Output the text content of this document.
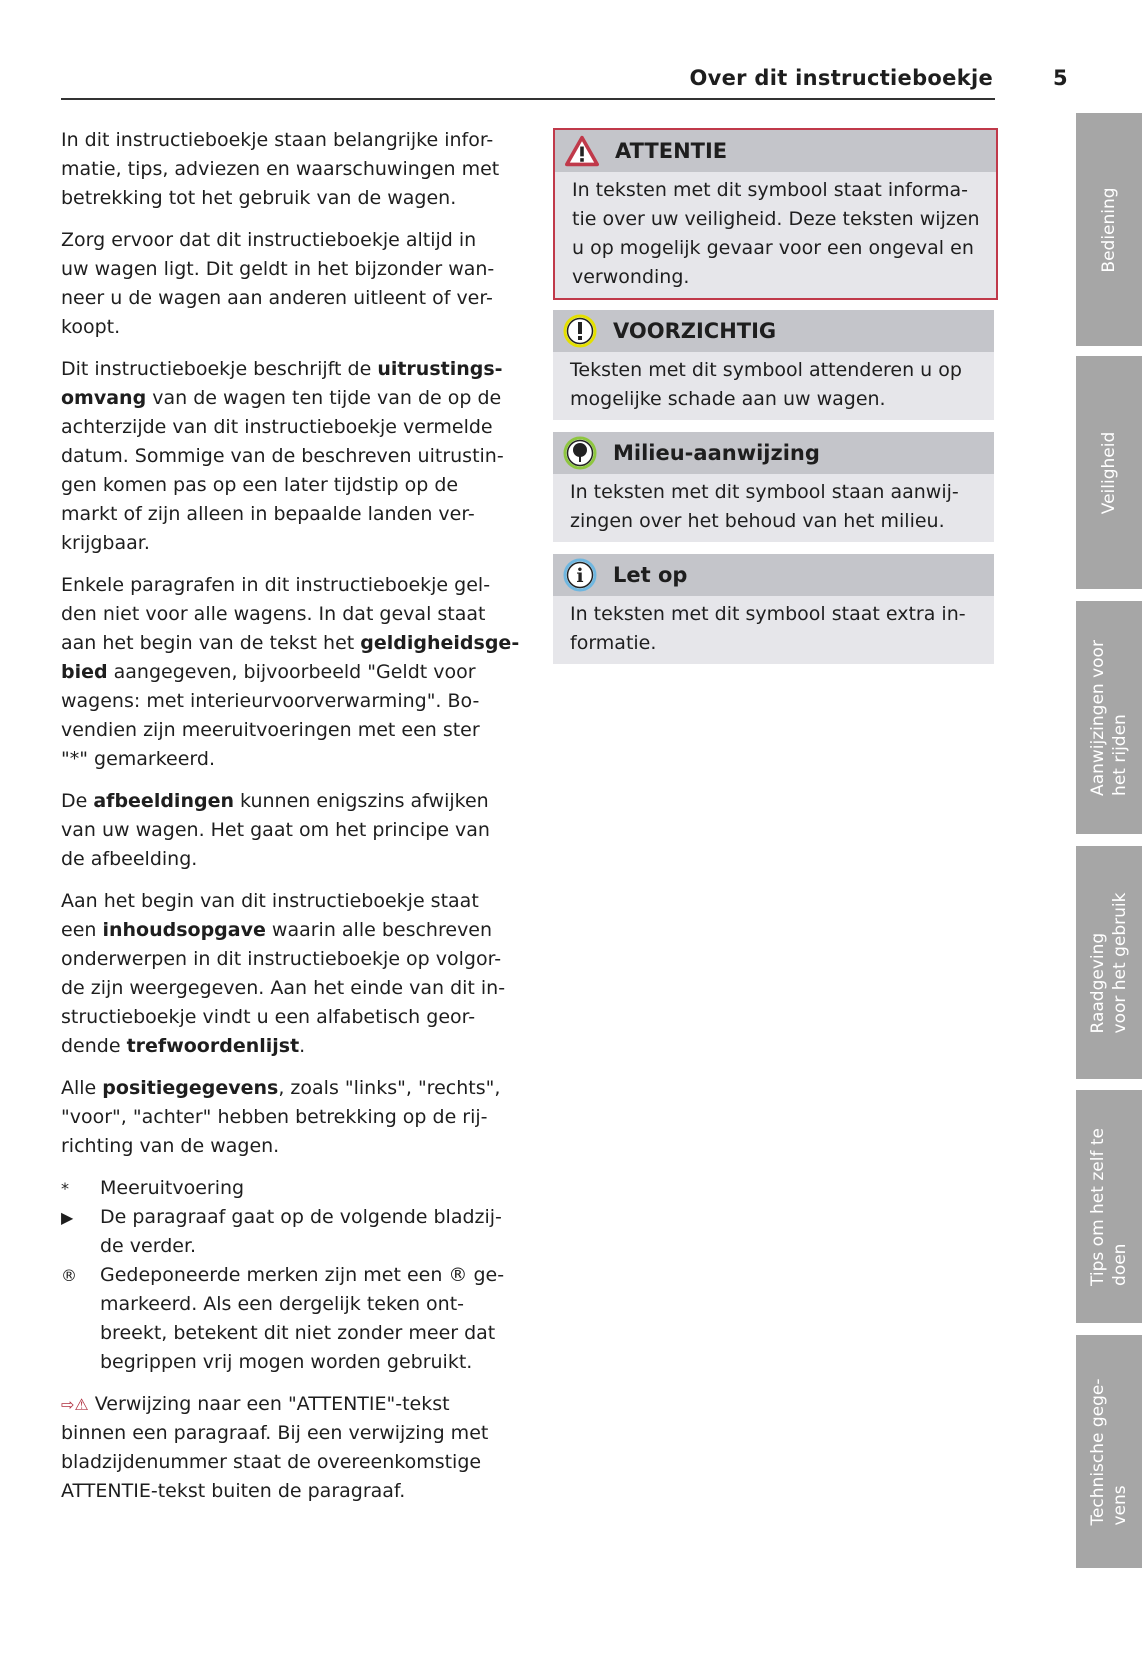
Over dit instructieboekje	5
In dit instructieboekje staan belangrijke infor-
matie, tips, adviezen en waarschuwingen met
betrekking tot het gebruik van de wagen.
Zorg ervoor dat dit instructieboekje altijd in
uw wagen ligt. Dit geldt in het bijzonder wan-
neer u de wagen aan anderen uitleent of ver-
koopt.
Dit instructieboekje beschrijft de uitrustings-
omvang van de wagen ten tijde van de op de
achterzijde van dit instructieboekje vermelde
datum. Sommige van de beschreven uitrustin-
gen komen pas op een later tijdstip op de
markt of zijn alleen in bepaalde landen ver-
krijgbaar.
Enkele paragrafen in dit instructieboekje gel-
den niet voor alle wagens. In dat geval staat
aan het begin van de tekst het geldigheidsge-
bied aangegeven, bijvoorbeeld "Geldt voor
wagens: met interieurvoorverwarming". Bo-
vendien zijn meeruitvoeringen met een ster
"*" gemarkeerd.
De afbeeldingen kunnen enigszins afwijken
van uw wagen. Het gaat om het principe van
de afbeelding.
Aan het begin van dit instructieboekje staat
een inhoudsopgave waarin alle beschreven
onderwerpen in dit instructieboekje op volgor-
de zijn weergegeven. Aan het einde van dit in-
structieboekje vindt u een alfabetisch geor-
dende trefwoordenlijst.
Alle positiegegevens, zoals "links", "rechts",
"voor", "achter" hebben betrekking op de rij-
richting van de wagen.
* Meeruitvoering
▶ De paragraaf gaat op de volgende bladzij-
de verder.
® Gedeponeerde merken zijn met een ® ge-
markeerd. Als een dergelijk teken ont-
breekt, betekent dit niet zonder meer dat
begrippen vrij mogen worden gebruikt.
⇨⚠ Verwijzing naar een "ATTENTIE"-tekst
binnen een paragraaf. Bij een verwijzing met
bladzijdenummer staat de overeenkomstige
ATTENTIE-tekst buiten de paragraaf.
ATTENTIE
In teksten met dit symbool staat informa-
tie over uw veiligheid. Deze teksten wijzen
u op mogelijk gevaar voor een ongeval en
verwonding.
VOORZICHTIG
Teksten met dit symbool attenderen u op
mogelijke schade aan uw wagen.
Milieu-aanwijzing
In teksten met dit symbool staan aanwij-
zingen over het behoud van het milieu.
i Let op
In teksten met dit symbool staat extra in-
formatie.
Bediening
Veiligheid
Aanwijzingen voor het rijden
Raadgeving voor het gebruik
Tips om het zelf te doen
Technische gege- vens
